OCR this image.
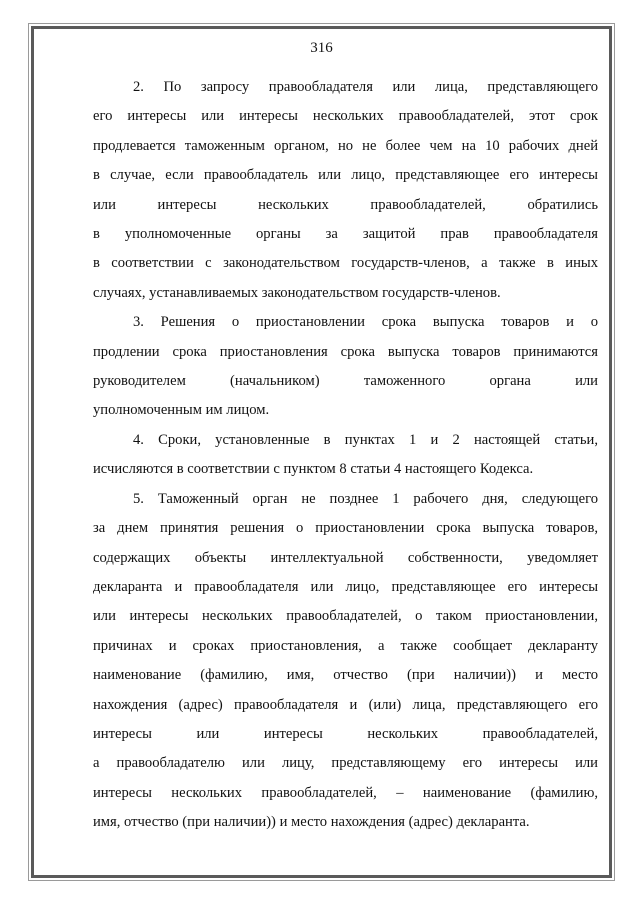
316
2. По запросу правообладателя или лица, представляющего
его интересы или интересы нескольких правообладателей, этот срок
продлевается таможенным органом, но не более чем на 10 рабочих дней
в случае, если правообладатель или лицо, представляющее его интересы
или интересы нескольких правообладателей, обратились
в уполномоченные органы за защитой прав правообладателя
в соответствии с законодательством государств-членов, а также в иных
случаях, устанавливаемых законодательством государств-членов.
3. Решения о приостановлении срока выпуска товаров и о
продлении срока приостановления срока выпуска товаров принимаются
руководителем (начальником) таможенного органа или
уполномоченным им лицом.
4. Сроки, установленные в пунктах 1 и 2 настоящей статьи,
исчисляются в соответствии с пунктом 8 статьи 4 настоящего Кодекса.
5. Таможенный орган не позднее 1 рабочего дня, следующего
за днем принятия решения о приостановлении срока выпуска товаров,
содержащих объекты интеллектуальной собственности, уведомляет
декларанта и правообладателя или лицо, представляющее его интересы
или интересы нескольких правообладателей, о таком приостановлении,
причинах и сроках приостановления, а также сообщает декларанту
наименование (фамилию, имя, отчество (при наличии)) и место
нахождения (адрес) правообладателя и (или) лица, представляющего его
интересы или интересы нескольких правообладателей,
а правообладателю или лицу, представляющему его интересы или
интересы нескольких правообладателей, – наименование (фамилию,
имя, отчество (при наличии)) и место нахождения (адрес) декларанта.
